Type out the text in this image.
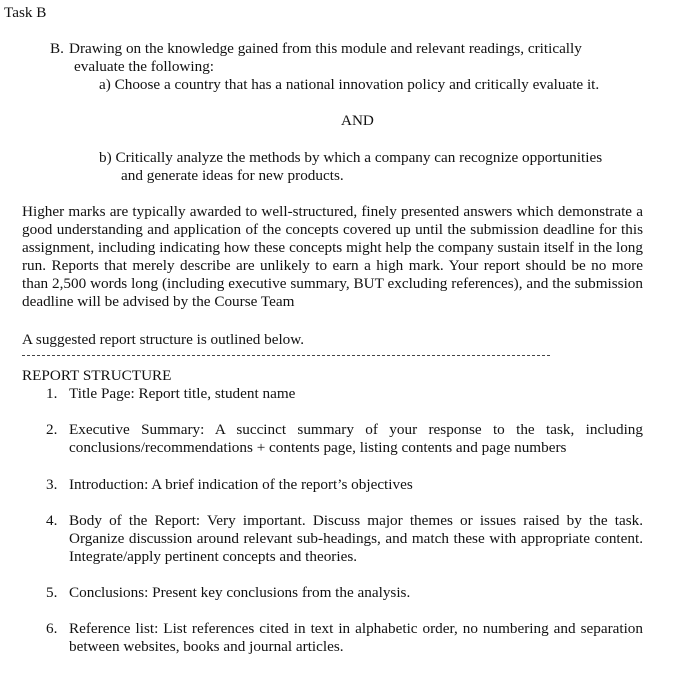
Task B

B. Drawing on the knowledge gained from this module and relevant readings, critically

evaluate the following:

a) Choose a country that has a national innovation policy and critically evaluate it.

AND

b) Critically analyze the methods by which a company can recognize opportunities

and generate ideas for new products.

Higher marks are typically awarded to well-structured, finely presented answers which demonstrate a good understanding and application of the concepts covered up until the submission deadline for this assignment, including indicating how these concepts might help the company sustain itself in the long run. Reports that merely describe are unlikely to earn a high mark. Your report should be no more than 2,500 words long (including executive summary, BUT excluding references), and the submission deadline will be advised by the Course Team

A suggested report structure is outlined below.

REPORT STRUCTURE

1. Title Page: Report title, student name

2. Executive Summary: A succinct summary of your response to the task, including conclusions/recommendations + contents page, listing contents and page numbers

3. Introduction: A brief indication of the report’s objectives

4. Body of the Report: Very important. Discuss major themes or issues raised by the task. Organize discussion around relevant sub-headings, and match these with appropriate content. Integrate/apply pertinent concepts and theories.

5. Conclusions: Present key conclusions from the analysis.

6. Reference list: List references cited in text in alphabetic order, no numbering and separation between websites, books and journal articles.
